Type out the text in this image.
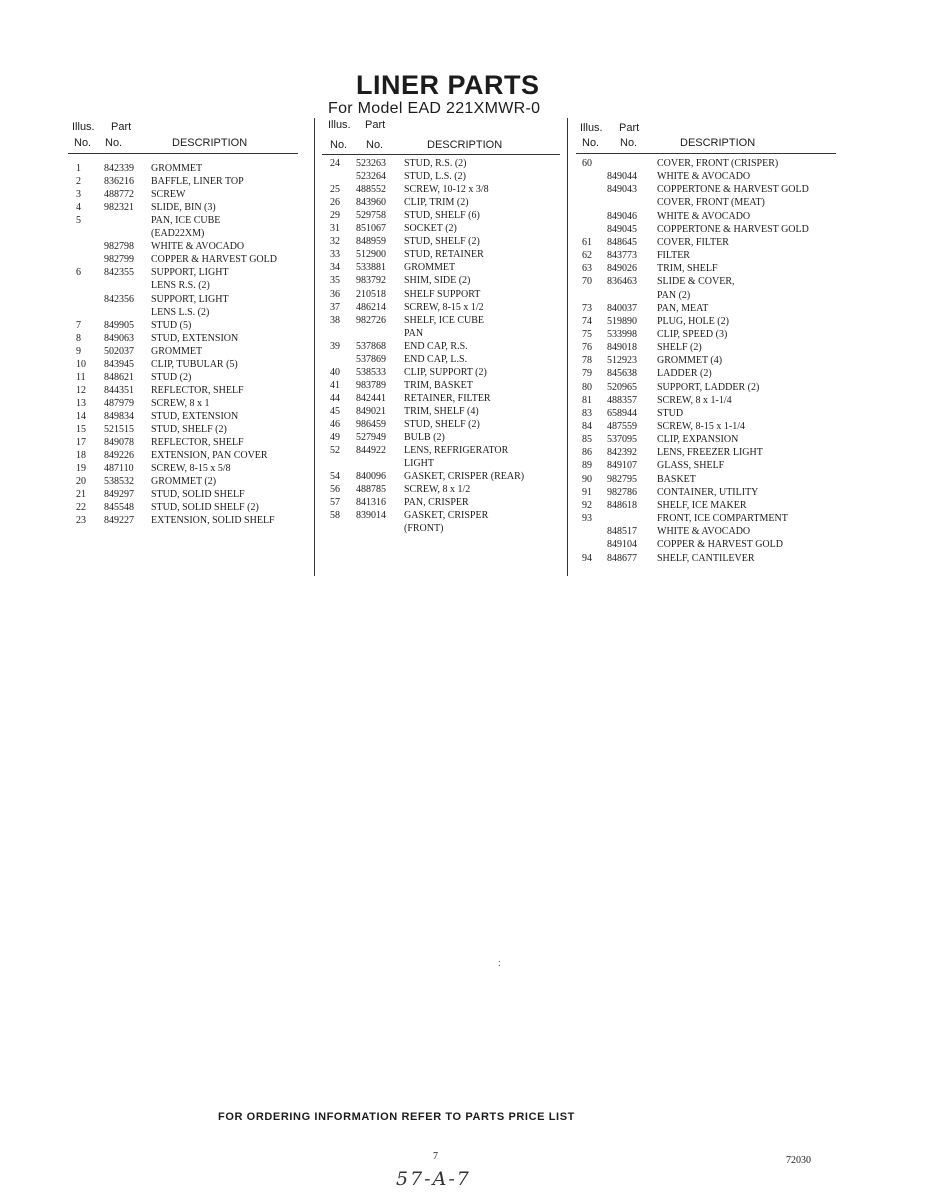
LINER PARTS
For Model EAD 221XMWR-0
Illus. Part
No. No.	DESCRIPTION
Illus. Part
No. No.	DESCRIPTION
Illus. Part
No. No.	DESCRIPTION
1 842339 GROMMET
2 836216 BAFFLE, LINER TOP
3 488772 SCREW
4 982321 SLIDE, BIN (3)
5	PAN, ICE CUBE
(EAD22XM)
982798 WHITE & AVOCADO
982799 COPPER & HARVEST GOLD
6 842355 SUPPORT, LIGHT
LENS R.S. (2)
842356 SUPPORT, LIGHT
LENS L.S. (2)
7 849905 STUD (5)
8 849063 STUD, EXTENSION
9 502037 GROMMET
10 843945 CLIP, TUBULAR (5)
11 848621 STUD (2)
12 844351 REFLECTOR, SHELF
13 487979 SCREW, 8 x 1
14 849834 STUD, EXTENSION
15 521515 STUD, SHELF (2)
17 849078 REFLECTOR, SHELF
18 849226 EXTENSION, PAN COVER
19 487110 SCREW, 8-15 x 5/8
20 538532 GROMMET (2)
21 849297 STUD, SOLID SHELF
22 845548 STUD, SOLID SHELF (2)
23 849227 EXTENSION, SOLID SHELF
24 523263 STUD, R.S. (2)
523264 STUD, L.S. (2)
25 488552 SCREW, 10-12 x 3/8
26 843960 CLIP, TRIM (2)
29 529758 STUD, SHELF (6)
31 851067 SOCKET (2)
32 848959 STUD, SHELF (2)
33 512900 STUD, RETAINER
34 533881 GROMMET
35 983792 SHIM, SIDE (2)
36 210518 SHELF SUPPORT
37 486214 SCREW, 8-15 x 1/2
38 982726 SHELF, ICE CUBE
PAN
39 537868 END CAP, R.S.
537869 END CAP, L.S.
40 538533 CLIP, SUPPORT (2)
41 983789 TRIM, BASKET
44 842441 RETAINER, FILTER
45 849021 TRIM, SHELF (4)
46 986459 STUD, SHELF (2)
49 527949 BULB (2)
52 844922 LENS, REFRIGERATOR
LIGHT
54 840096 GASKET, CRISPER (REAR)
56 488785 SCREW, 8 x 1/2
57 841316 PAN, CRISPER
58 839014 GASKET, CRISPER
(FRONT)
60	COVER, FRONT (CRISPER)
849044 WHITE & AVOCADO
849043 COPPERTONE & HARVEST GOLD
COVER, FRONT (MEAT)
849046 WHITE & AVOCADO
849045 COPPERTONE & HARVEST GOLD
61 848645 COVER, FILTER
62 843773 FILTER
63 849026 TRIM, SHELF
70 836463 SLIDE & COVER,
PAN (2)
73 840037 PAN, MEAT
74 519890 PLUG, HOLE (2)
75 533998 CLIP, SPEED (3)
76 849018 SHELF (2)
78 512923 GROMMET (4)
79 845638 LADDER (2)
80 520965 SUPPORT, LADDER (2)
81 488357 SCREW, 8 x 1-1/4
83 658944 STUD
84 487559 SCREW, 8-15 x 1-1/4
85 537095 CLIP, EXPANSION
86 842392 LENS, FREEZER LIGHT
89 849107 GLASS, SHELF
90 982795 BASKET
91 982786 CONTAINER, UTILITY
92 848618 SHELF, ICE MAKER
93	FRONT, ICE COMPARTMENT
848517 WHITE & AVOCADO
849104 COPPER & HARVEST GOLD
94 848677 SHELF, CANTILEVER
:
FOR ORDERING INFORMATION REFER TO PARTS PRICE LIST
7	72030
57-A-7
